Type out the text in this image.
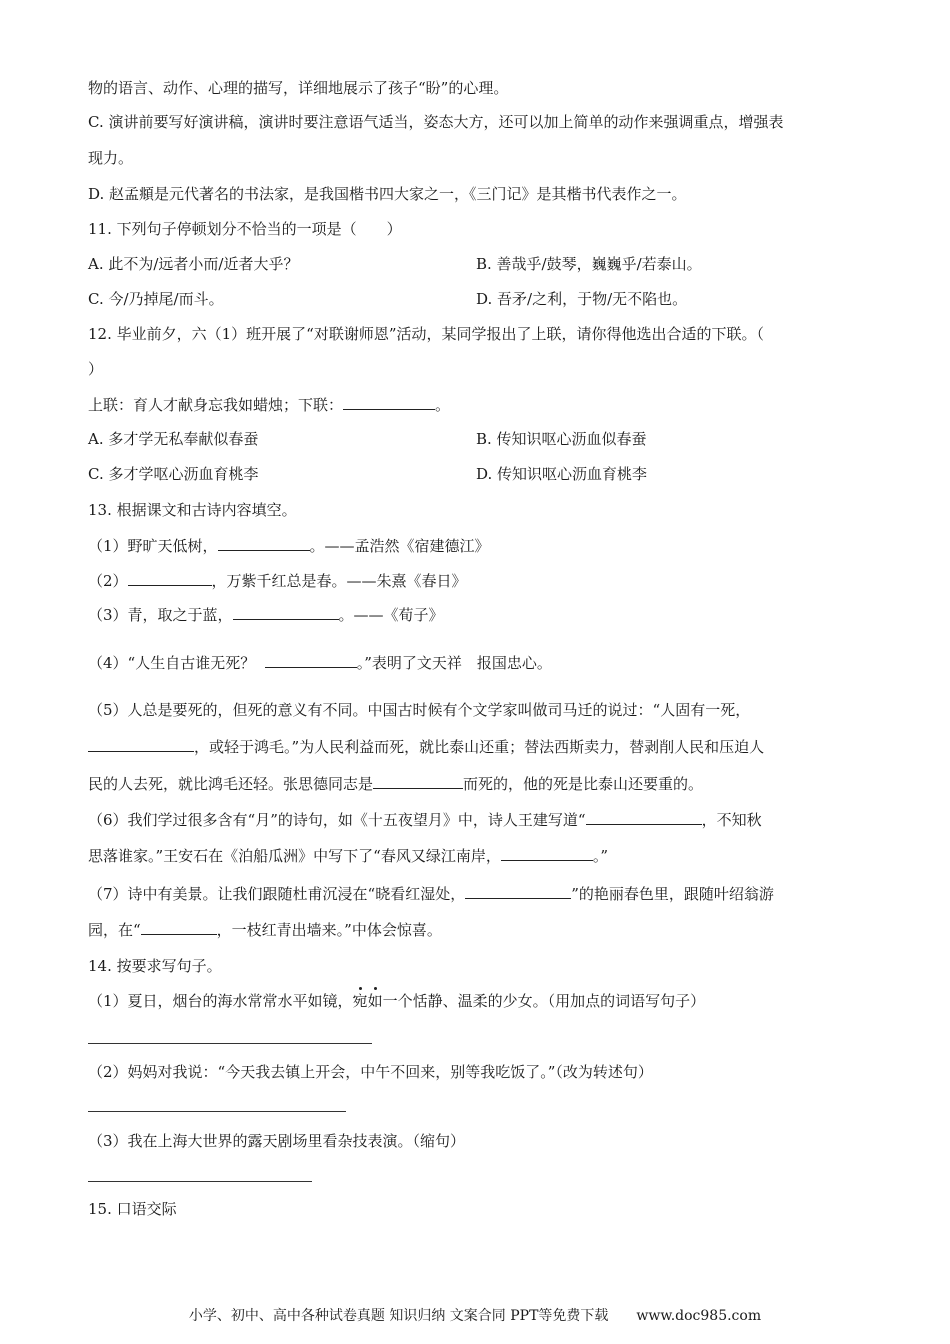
物的语言、动作、心理的描写，详细地展示了孩子“盼”的心理。
C. 演讲前要写好演讲稿，演讲时要注意语气适当，姿态大方，还可以加上简单的动作来强调重点，增强表
现力。
D. 赵孟頫是元代著名的书法家，是我国楷书四大家之一，《三门记》是其楷书代表作之一。
11. 下列句子停顿划分不恰当的一项是（　　）
A. 此不为/远者小而/近者大乎？	B. 善哉乎/鼓琴，巍巍乎/若泰山。
C. 今/乃掉尾/而斗。	D. 吾矛/之利，于物/无不陷也。
12. 毕业前夕，六（1）班开展了“对联谢师恩”活动，某同学报出了上联，请你得他选出合适的下联。（
）
上联：育人才献身忘我如蜡烛；下联：	。
A. 多才学无私奉献似春蚕	B. 传知识呕心沥血似春蚕
C. 多才学呕心沥血育桃李	D. 传知识呕心沥血育桃李
13. 根据课文和古诗内容填空。
（1）野旷天低树，	。——孟浩然《宿建德江》
（2）	，万紫千红总是春。——朱熹《春日》
（3）青，取之于蓝，	。——《荀子》
（4）“人生自古谁无死？	。”表明了文天祥　报国忠心。
（5）人总是要死的，但死的意义有不同。中国古时候有个文学家叫做司马迁的说过：“人固有一死，
，或轻于鸿毛。”为人民利益而死，就比泰山还重；替法西斯卖力，替剥削人民和压迫人
民的人去死，就比鸿毛还轻。张思德同志是	而死的，他的死是比泰山还要重的。
（6）我们学过很多含有“月”的诗句，如《十五夜望月》中，诗人王建写道“	，不知秋
思落谁家。”王安石在《泊船瓜洲》中写下了“春风又绿江南岸，	。”
（7）诗中有美景。让我们跟随杜甫沉浸在“晓看红湿处，	”的艳丽春色里，跟随叶绍翁游
园，在“	，一枝红青出墙来。”中体会惊喜。
14. 按要求写句子。
（1）夏日，烟台的海水常常水平如镜，宛如一个恬静、温柔的少女。（用加点的词语写句子）
（2）妈妈对我说：“今天我去镇上开会，中午不回来，别等我吃饭了。”（改为转述句）
（3）我在上海大世界的露天剧场里看杂技表演。（缩句）
15. 口语交际
小学、初中、高中各种试卷真题 知识归纳 文案合同 PPT等免费下载　　www.doc985.com
